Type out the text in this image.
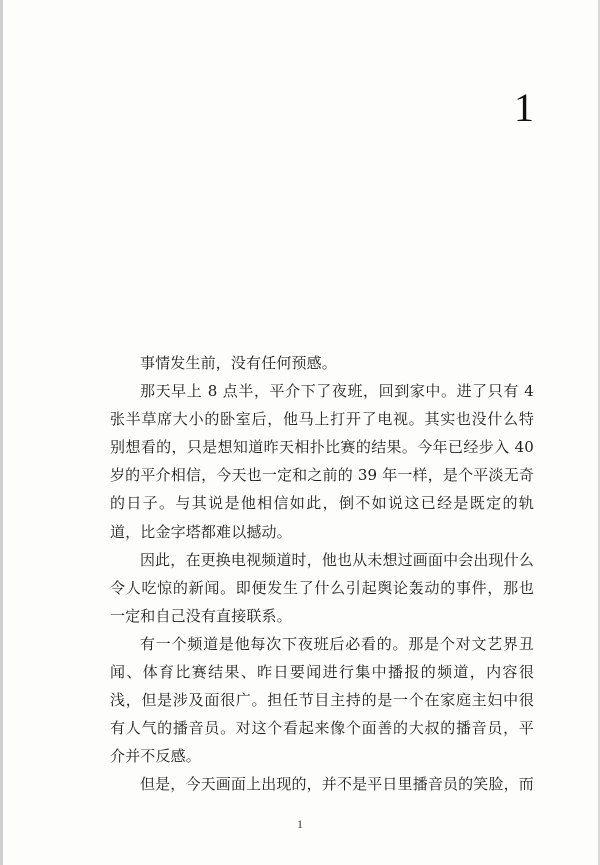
1

事情发生前，没有任何预感。

那天早上 8 点半，平介下了夜班，回到家中。进了只有 4 张半草席大小的卧室后，他马上打开了电视。其实也没什么特别想看的，只是想知道昨天相扑比赛的结果。今年已经步入 40 岁的平介相信，今天也一定和之前的 39 年一样，是个平淡无奇的日子。与其说是他相信如此，倒不如说这已经是既定的轨道，比金字塔都难以撼动。

因此，在更换电视频道时，他也从未想过画面中会出现什么令人吃惊的新闻。即便发生了什么引起舆论轰动的事件，那也一定和自己没有直接联系。

有一个频道是他每次下夜班后必看的。那是个对文艺界丑闻、体育比赛结果、昨日要闻进行集中播报的频道，内容很浅，但是涉及面很广。担任节目主持的是一个在家庭主妇中很有人气的播音员。对这个看起来像个面善的大叔的播音员，平介并不反感。

但是，今天画面上出现的，并不是平日里播音员的笑脸，而

1
